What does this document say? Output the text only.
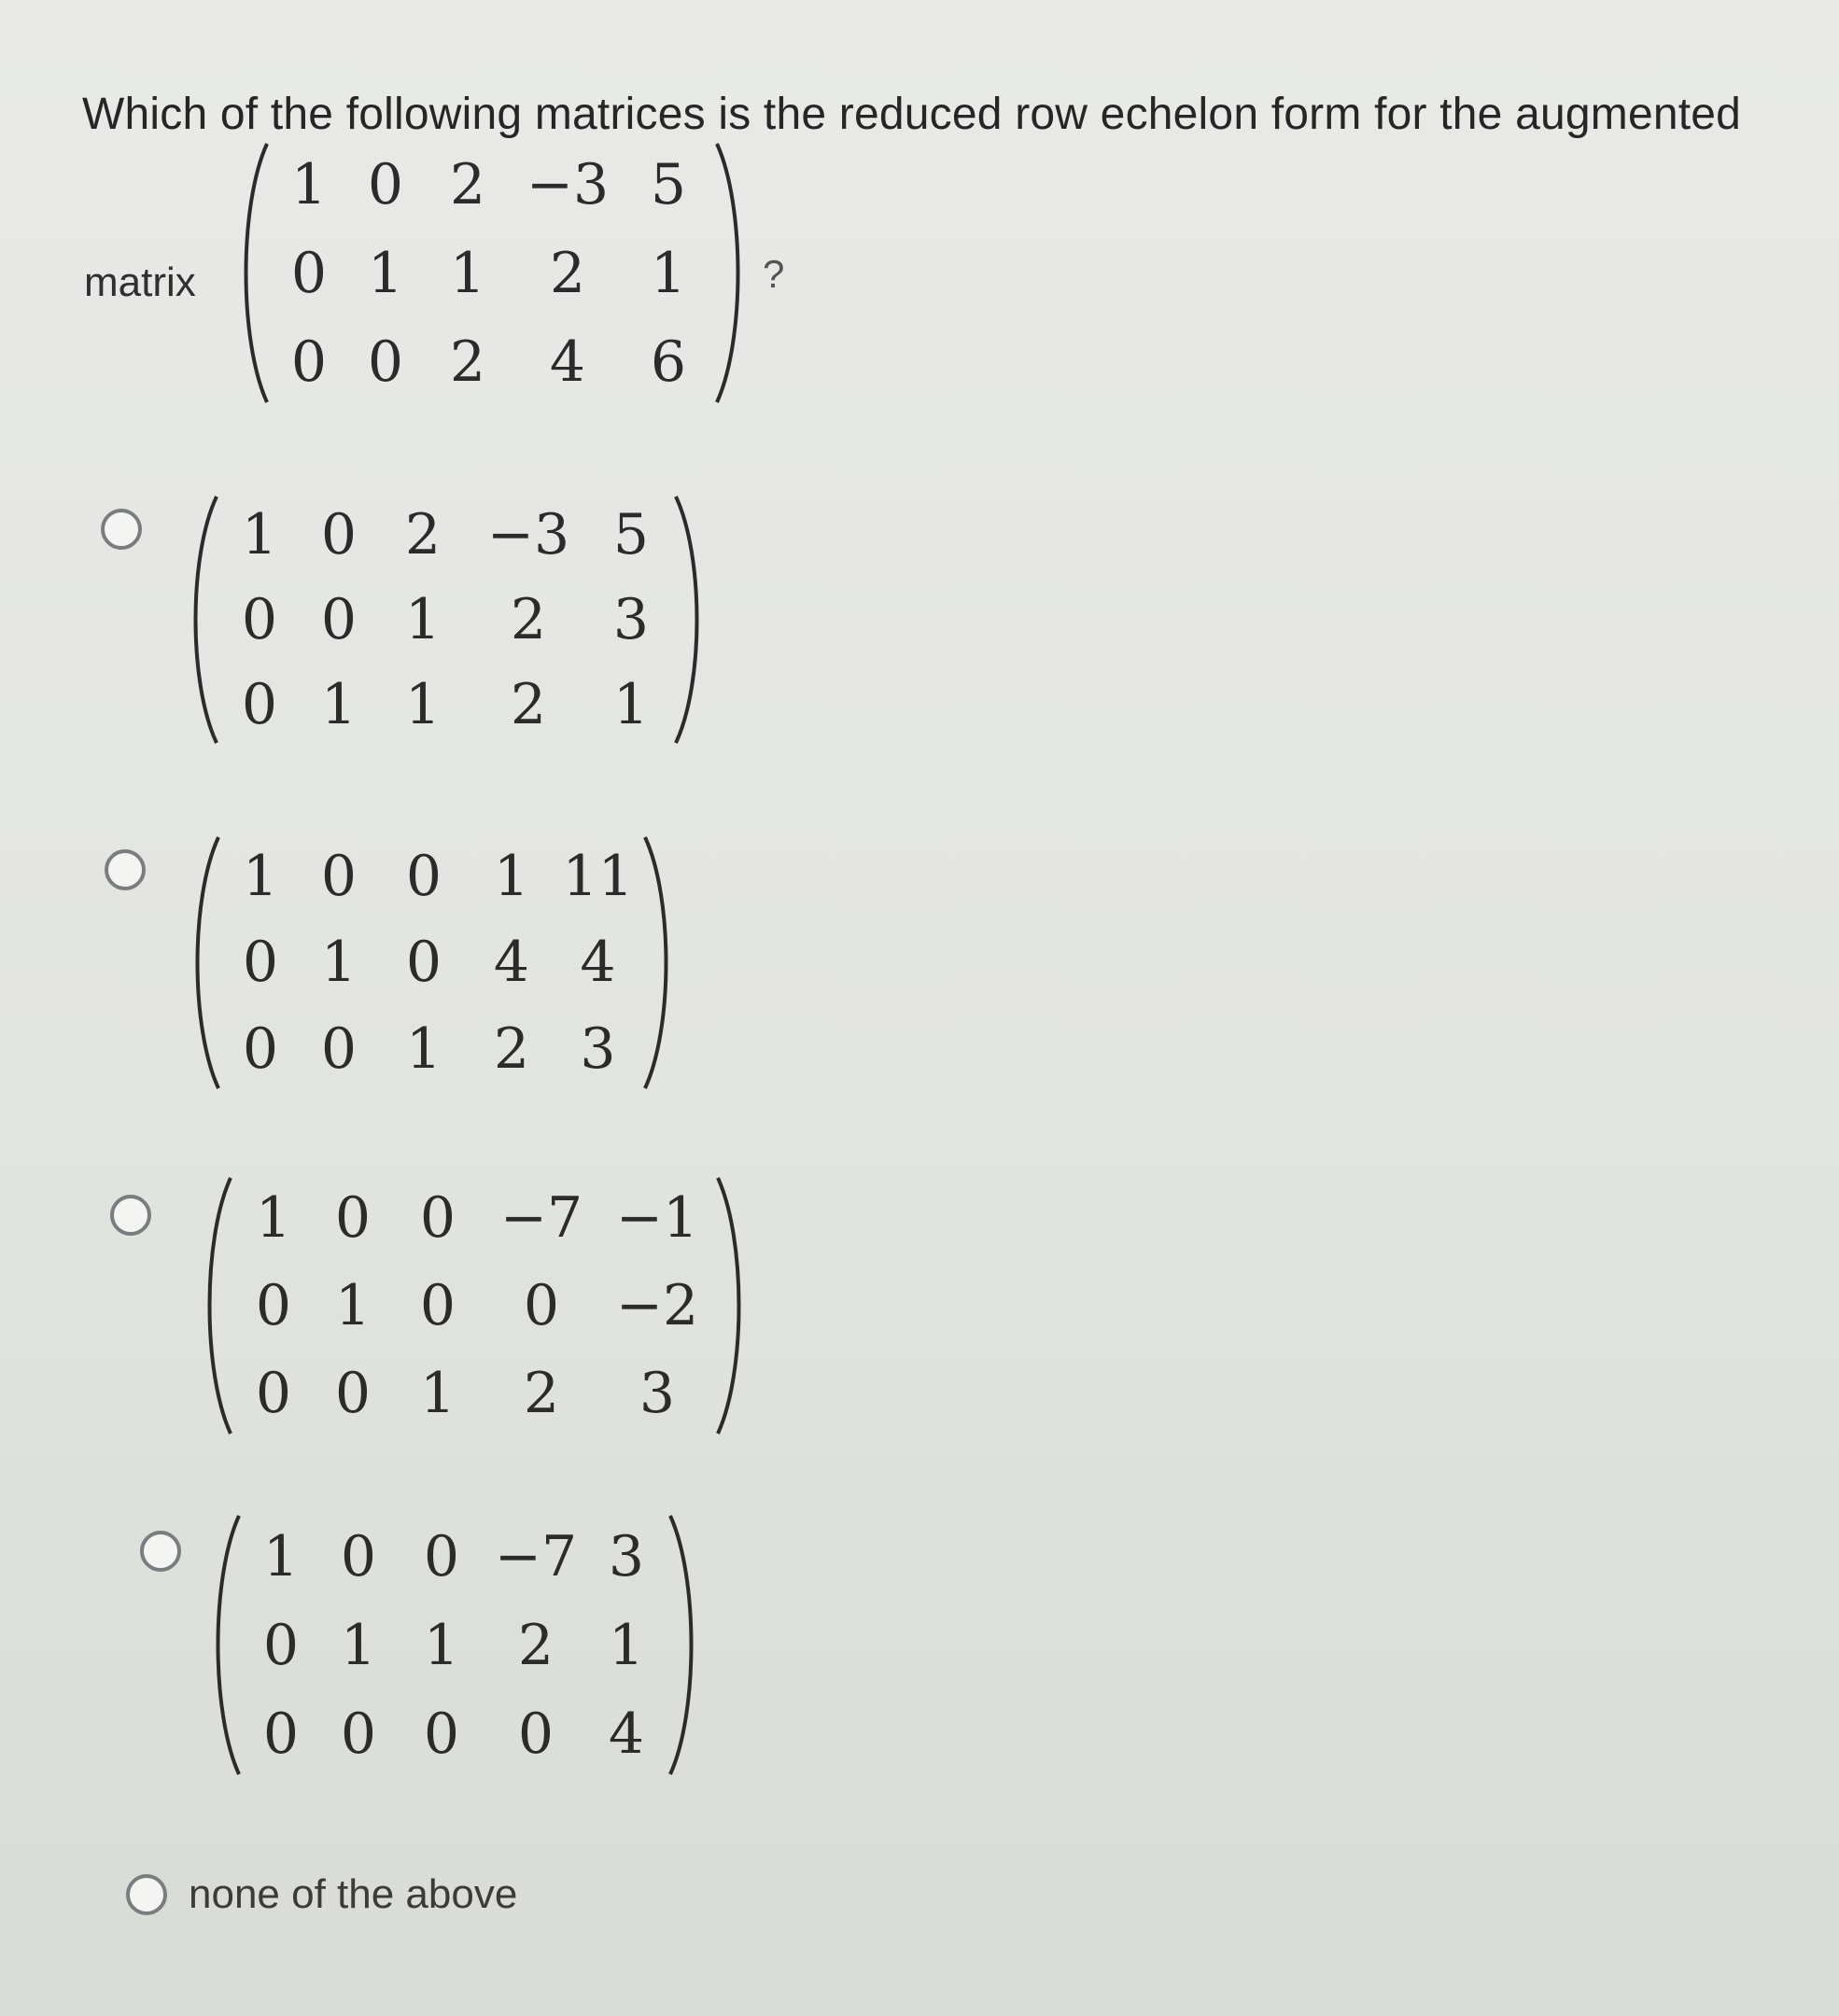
Which of the following matrices is the reduced row echelon form for the augmented
matrix
1 0 2 −3 5
0 1 1	2	1
0 0 2	4	6
?
1 0 2 −3 5
0 0 1	2	3
0 1 1	2	1
1 0 0 1 11
0 1 0 4 4
0 0 1 2 3
1 0 0 −7 −1
0 1 0	0	−2
0 0 1	2	3
1 0 0 −7 3
0 1 1	2 1
0 0 0	0 4
none of the above
